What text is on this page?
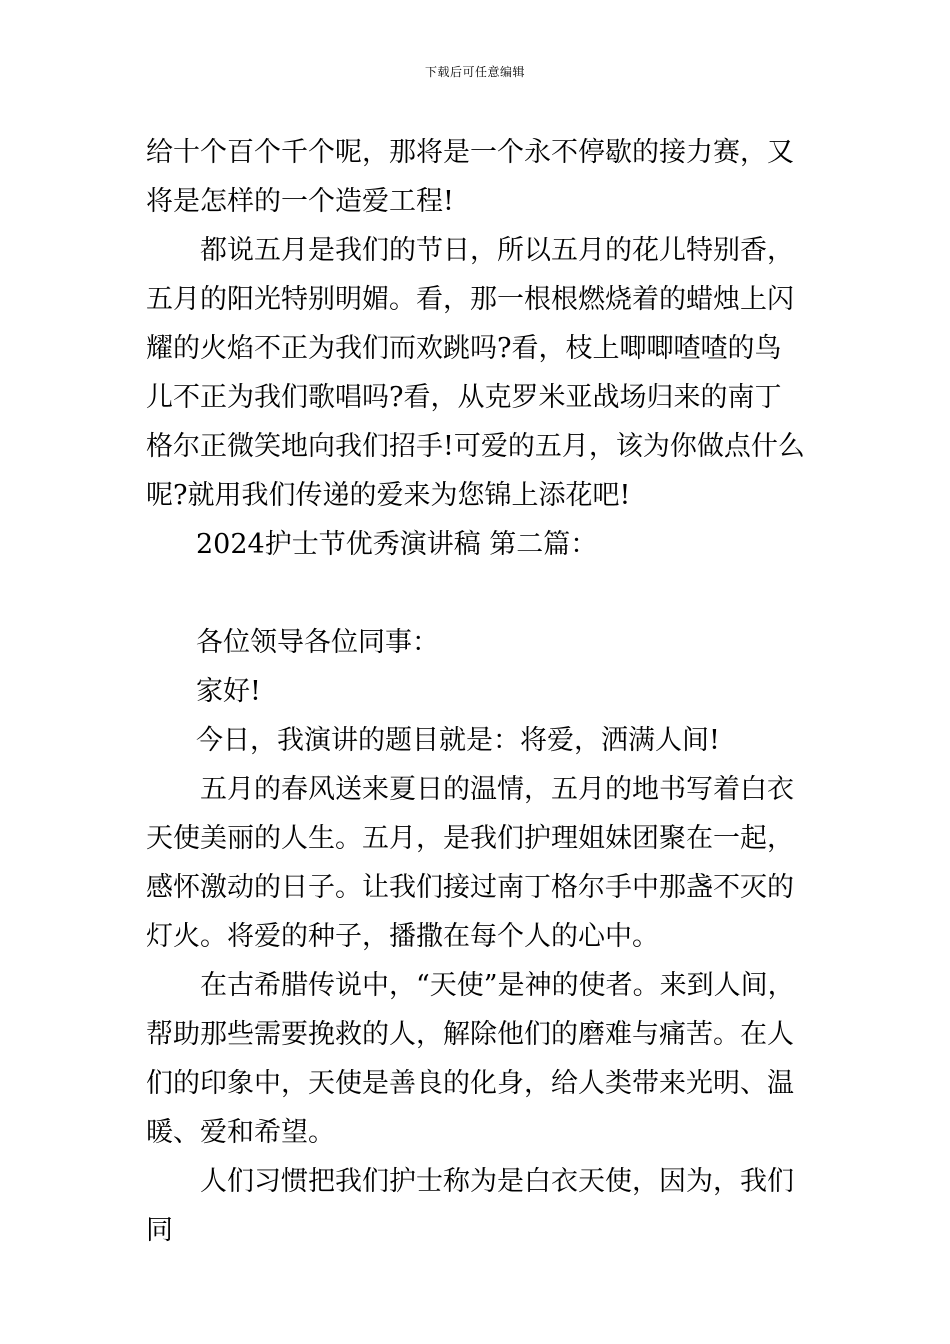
下载后可任意编辑

给十个百个千个呢，那将是一个永不停歇的接力赛，又将是怎样的一个造爱工程!

都说五月是我们的节日，所以五月的花儿特别香，五月的阳光特别明媚。看，那一根根燃烧着的蜡烛上闪耀的火焰不正为我们而欢跳吗?看，枝上唧唧喳喳的鸟儿不正为我们歌唱吗?看，从克罗米亚战场归来的南丁格尔正微笑地向我们招手!可爱的五月，该为你做点什么呢?就用我们传递的爱来为您锦上添花吧!

2024护士节优秀演讲稿 第二篇：

各位领导各位同事：

家好!

今日，我演讲的题目就是：将爱，洒满人间!

五月的春风送来夏日的温情，五月的地书写着白衣天使美丽的人生。五月，是我们护理姐妹团聚在一起，感怀激动的日子。让我们接过南丁格尔手中那盏不灭的灯火。将爱的种子，播撒在每个人的心中。

在古希腊传说中，“天使”是神的使者。来到人间，帮助那些需要挽救的人，解除他们的磨难与痛苦。在人们的印象中，天使是善良的化身，给人类带来光明、温暖、爱和希望。

人们习惯把我们护士称为是白衣天使，因为，我们同
